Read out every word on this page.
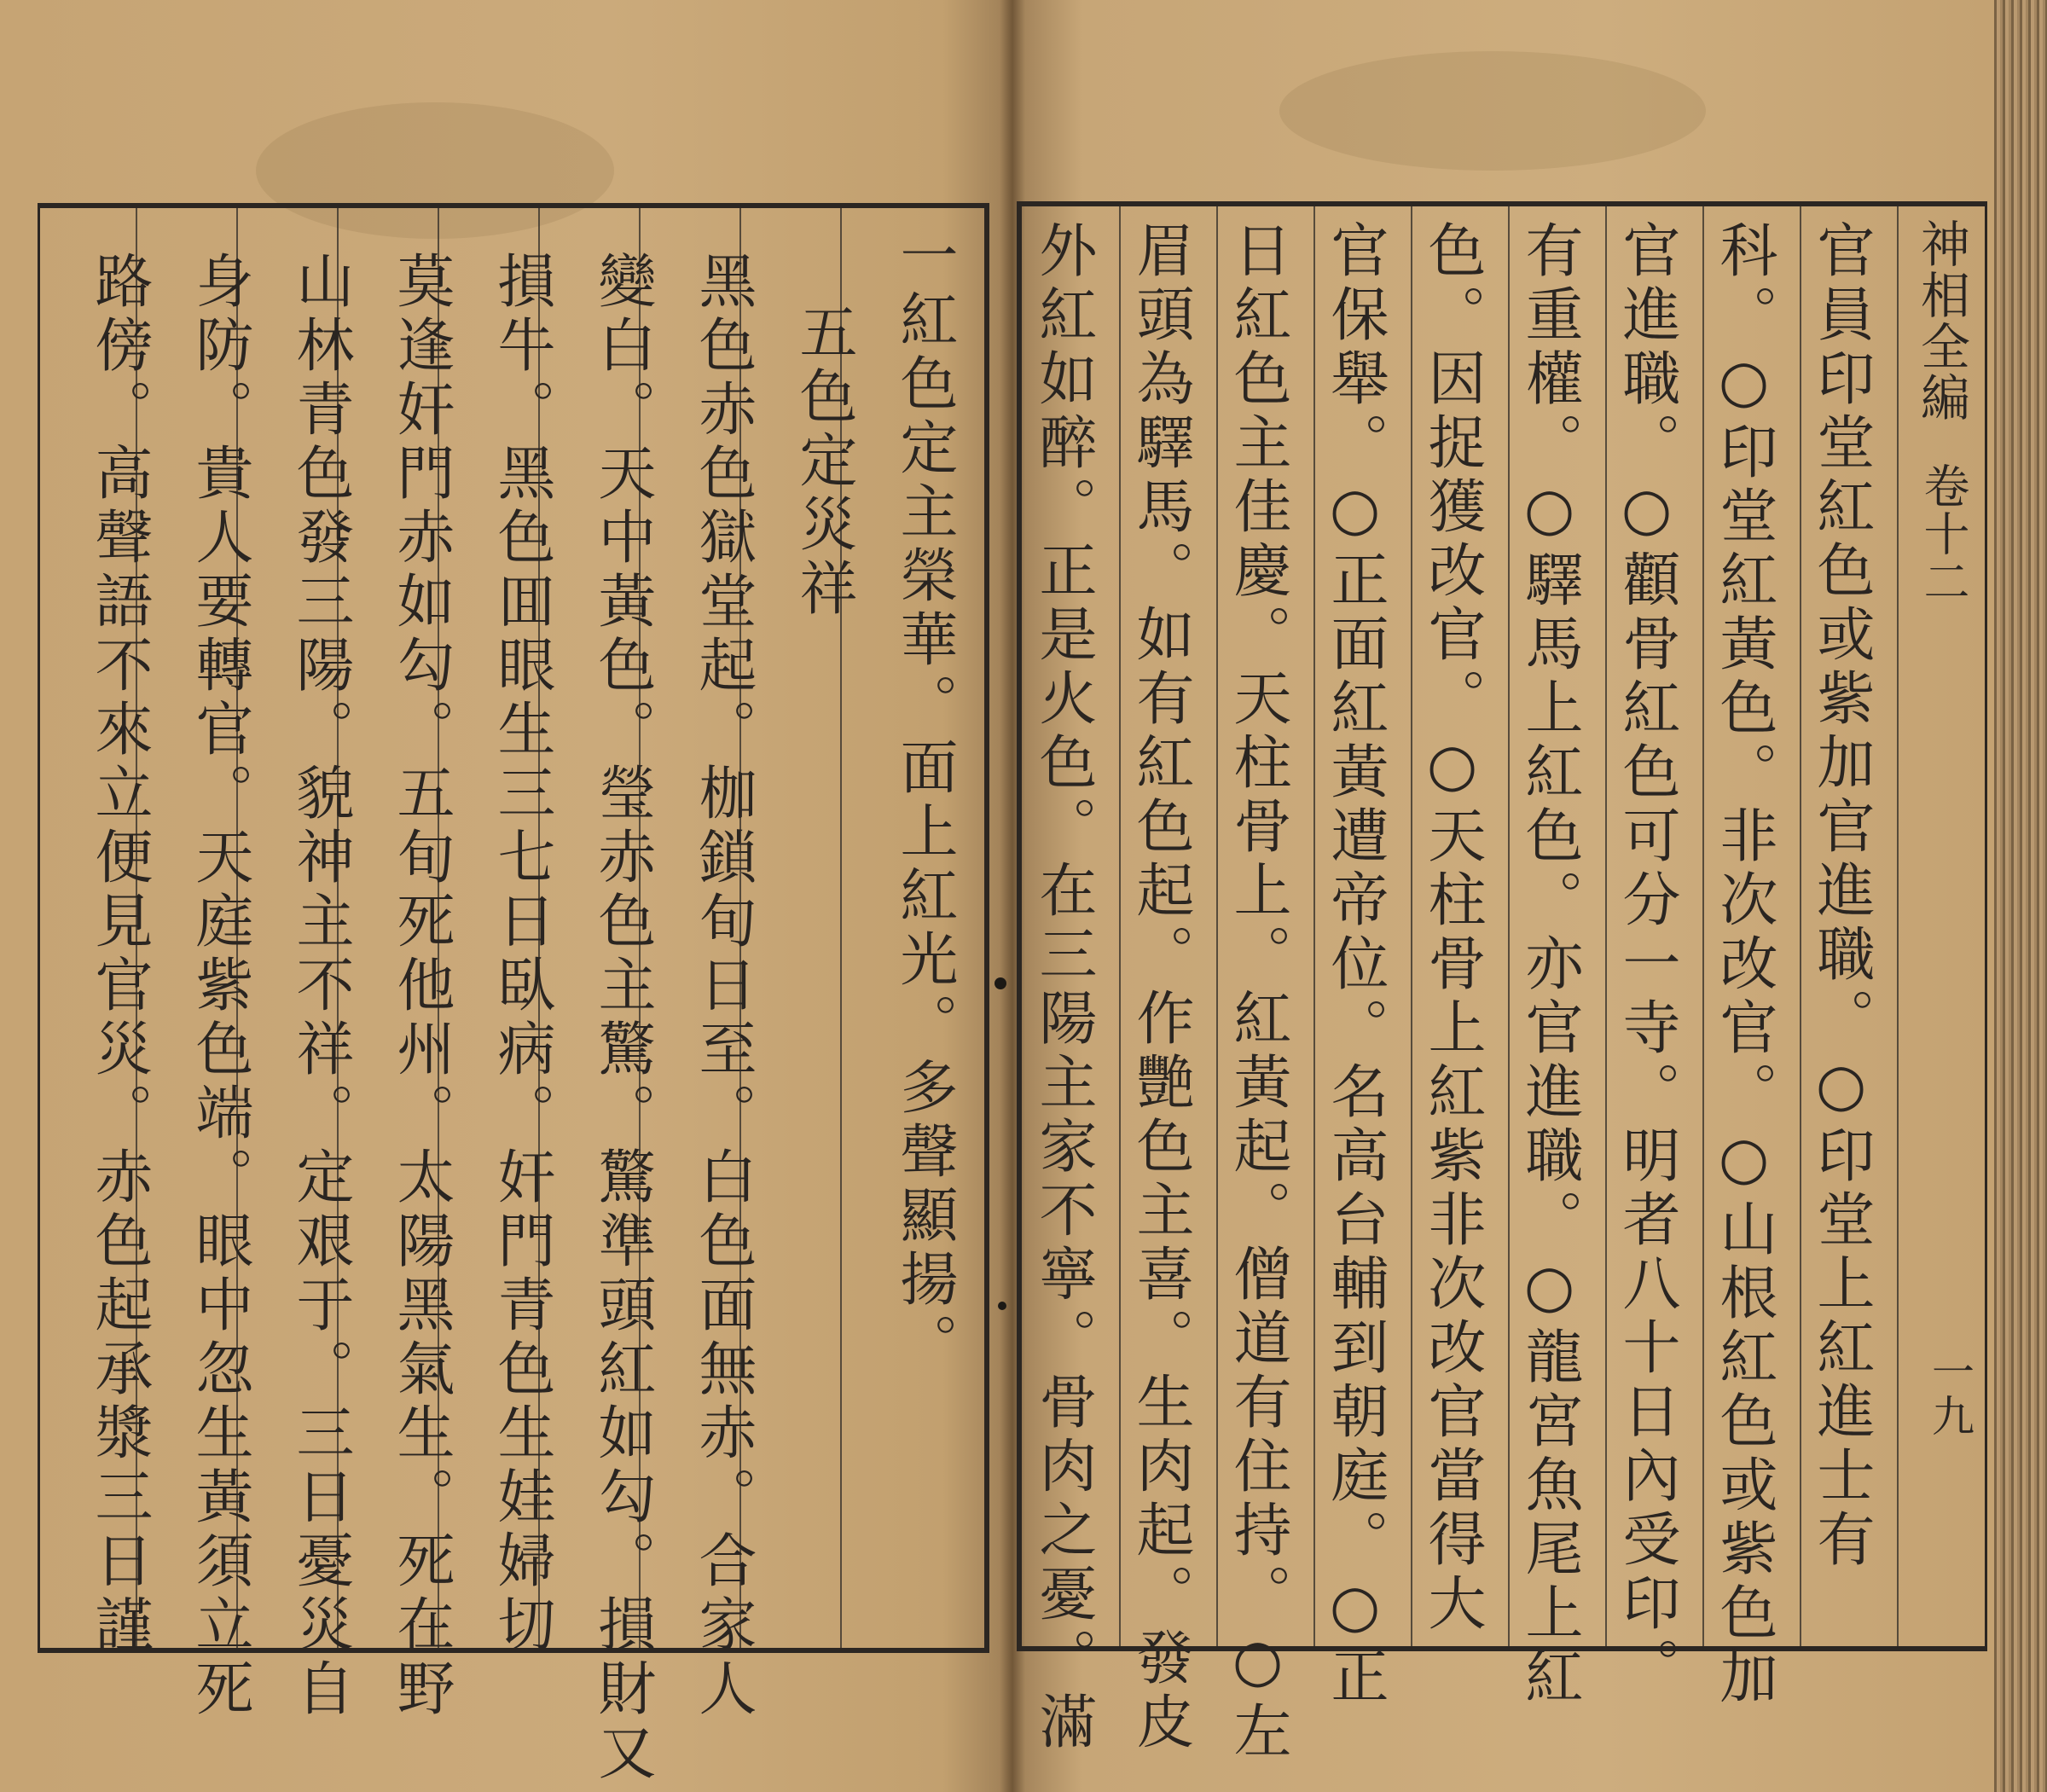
一紅色定主榮華。面上紅光。多聲顯揚。

五色定災祥

黑色赤色獄堂起。枷鎖旬日至。白色面無赤。合家人

變白。天中黃色。瑩赤色主驚。驚準頭紅如勾。損財又

損牛。黑色囬眼生三七日臥病。奸門青色生娃婦切

莫逢奸門赤如勾。五旬死他州。太陽黑氣生。死在野

山林青色發三陽。貌神主不祥。定艰于。三日憂災自

身防。貴人要轉官。天庭紫色端。眼中忽生黃須立死

路傍。高聲語不來立便見官災。赤色起承漿三日謹	神相全編

卷十二

一九

官員印堂紅色或紫加官進職。○印堂上紅進士有

科。○印堂紅黃色。非次改官。○山根紅色或紫色加

官進職。○顴骨紅色可分一寺。明者八十日內受印。

有重權。○驛馬上紅色。亦官進職。○龍宮魚尾上紅

色。因捉獲改官。○天柱骨上紅紫非次改官當得大

官保舉。○正面紅黃遭帝位。名高台輔到朝庭。○正

日紅色主佳慶。天柱骨上。紅黃起。僧道有住持。○左

眉頭為驛馬。如有紅色起。作艷色主喜。生肉起。發皮

外紅如醉。正是火色。在三陽主家不寧。骨肉之憂。滿
